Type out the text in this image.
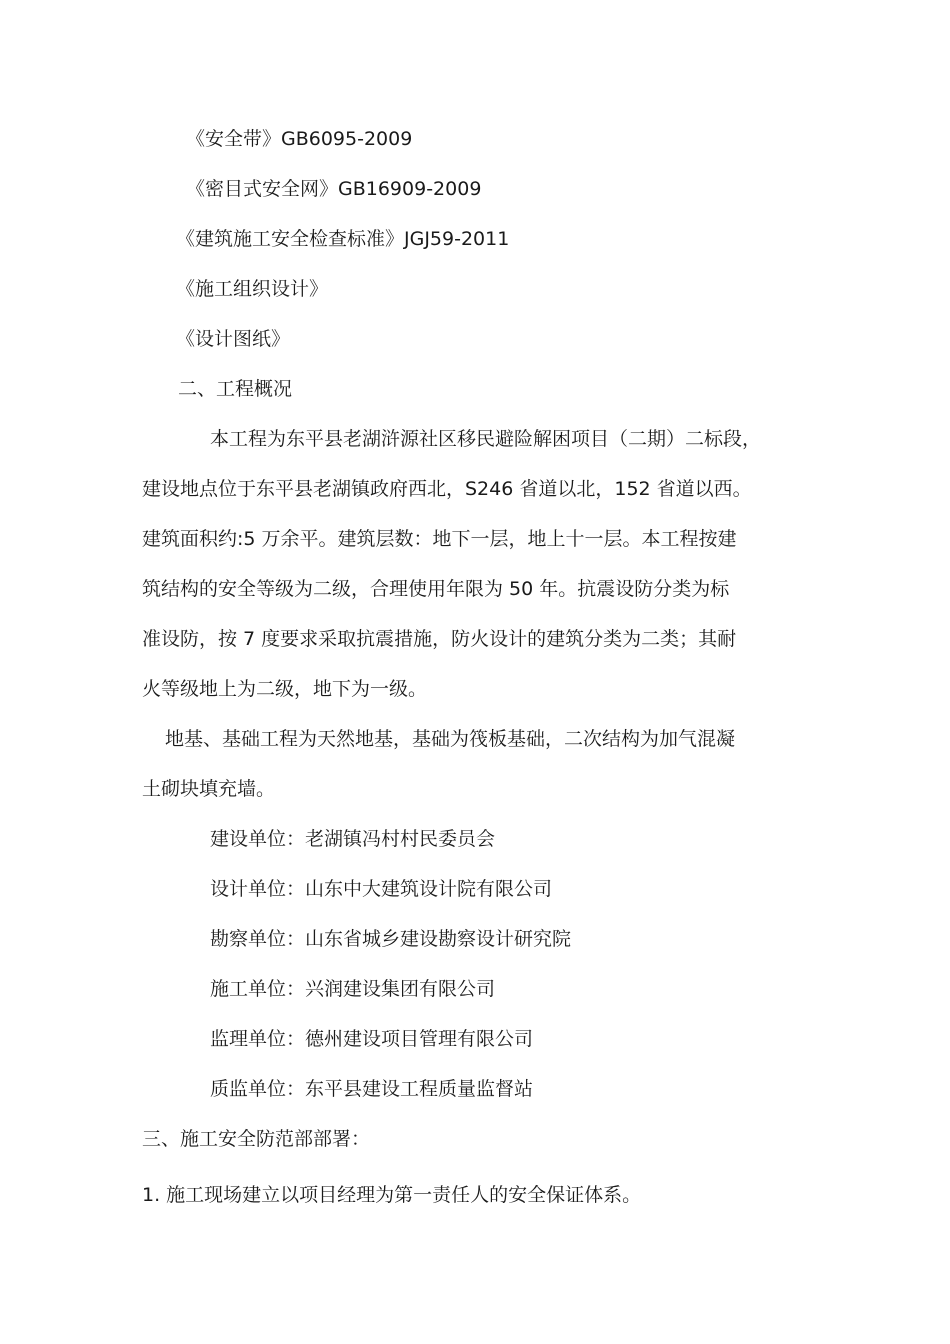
《安全带》GB6095-2009
《密目式安全网》GB16909-2009
《建筑施工安全检查标准》JGJ59-2011
《施工组织设计》
《设计图纸》
二、工程概况
本工程为东平县老湖浒源社区移民避险解困项目（二期）二标段，
建设地点位于东平县老湖镇政府西北，S246 省道以北，152 省道以西。
建筑面积约:5 万余平。建筑层数：地下一层，地上十一层。本工程按建
筑结构的安全等级为二级，合理使用年限为 50 年。抗震设防分类为标
准设防，按 7 度要求采取抗震措施，防火设计的建筑分类为二类；其耐
火等级地上为二级，地下为一级。
地基、基础工程为天然地基，基础为筏板基础，二次结构为加气混凝
土砌块填充墙。
建设单位：老湖镇冯村村民委员会
设计单位：山东中大建筑设计院有限公司
勘察单位：山东省城乡建设勘察设计研究院
施工单位：兴润建设集团有限公司
监理单位：德州建设项目管理有限公司
质监单位：东平县建设工程质量监督站
三、施工安全防范部部署：
1. 施工现场建立以项目经理为第一责任人的安全保证体系。
